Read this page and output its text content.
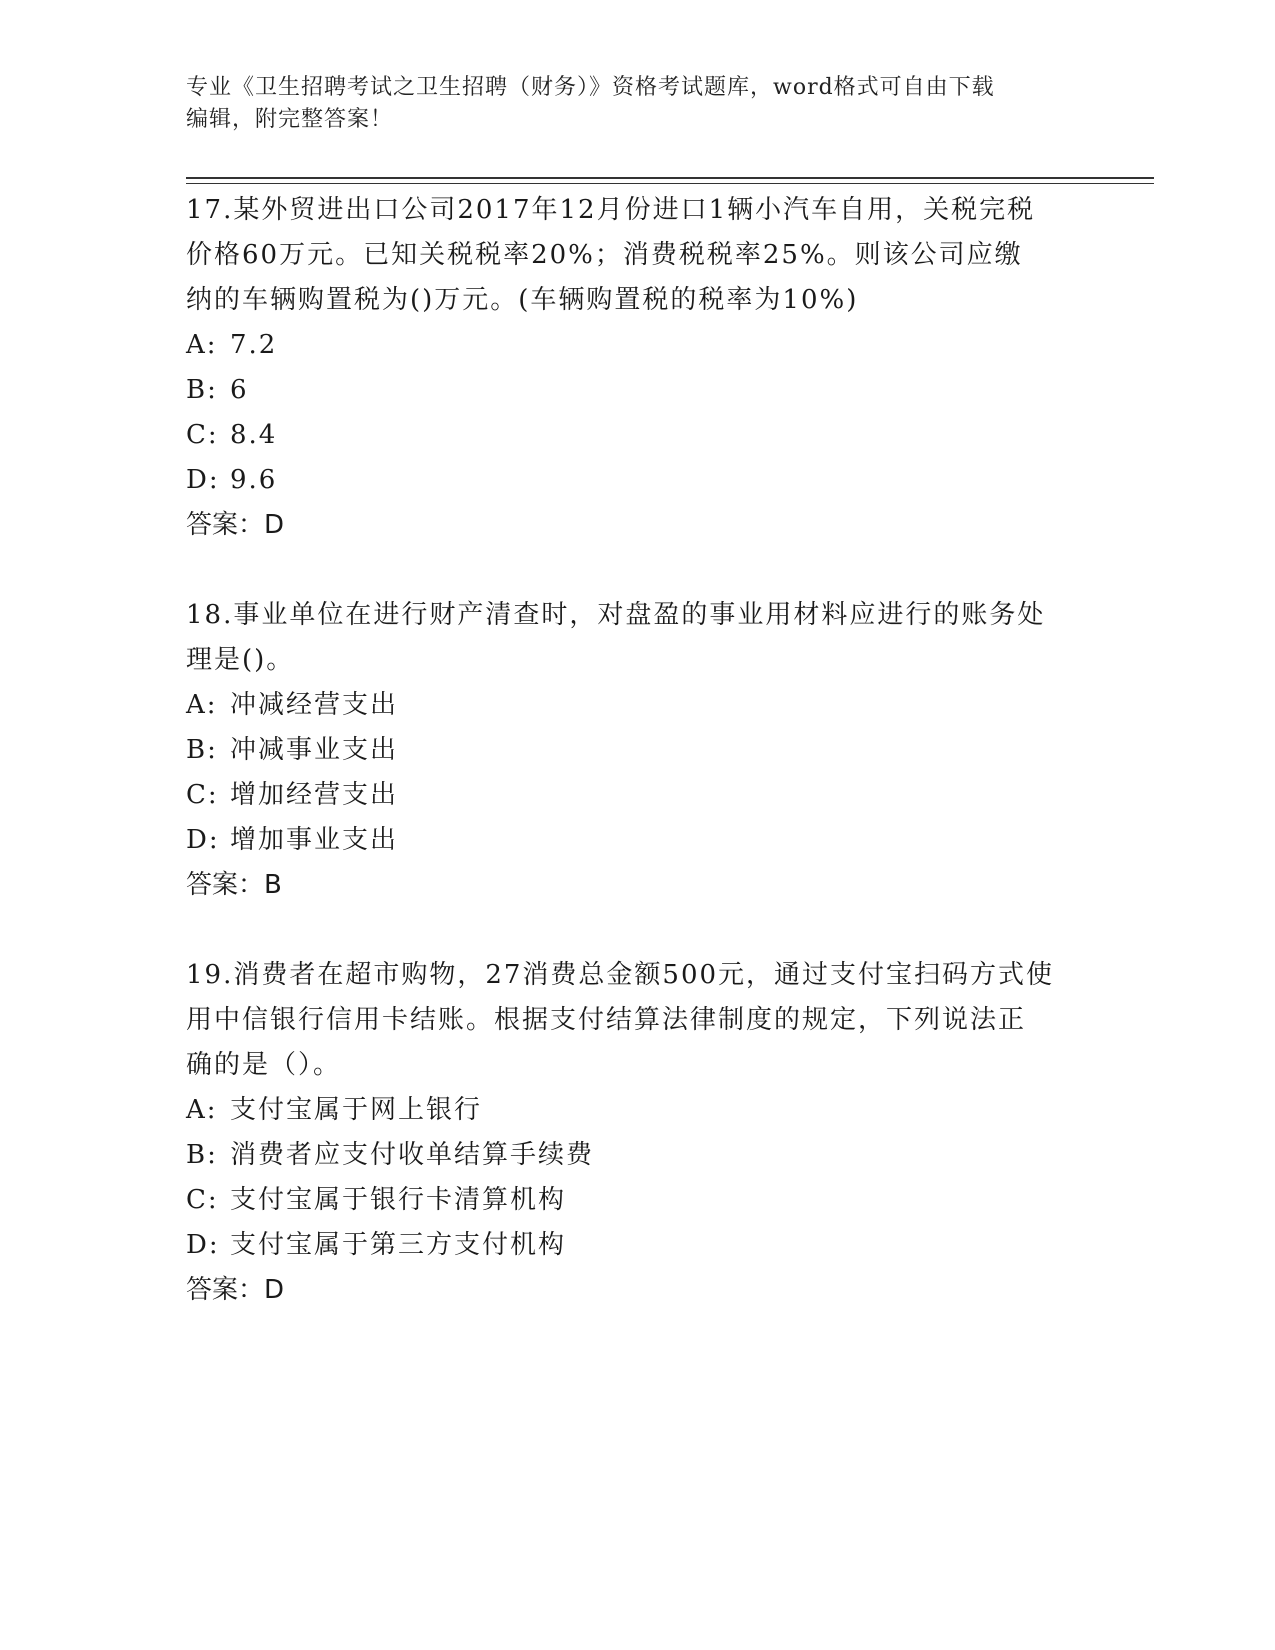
专业《卫生招聘考试之卫生招聘（财务）》资格考试题库，word格式可自由下载
编辑，附完整答案！

17.某外贸进出口公司2017年12月份进口1辆小汽车自用，关税完税

价格60万元。已知关税税率20%；消费税税率25%。则该公司应缴

纳的车辆购置税为()万元。(车辆购置税的税率为10%)

A: 7.2
B: 6
C: 8.4
D: 9.6

答案：D

18.事业单位在进行财产清查时，对盘盈的事业用材料应进行的账务处

理是()。

A: 冲减经营支出
B: 冲减事业支出
C: 增加经营支出
D: 增加事业支出

答案：B

19.消费者在超市购物，27消费总金额500元，通过支付宝扫码方式使

用中信银行信用卡结账。根据支付结算法律制度的规定，下列说法正

确的是（）。

A: 支付宝属于网上银行
B: 消费者应支付收单结算手续费
C: 支付宝属于银行卡清算机构
D: 支付宝属于第三方支付机构

答案：D
